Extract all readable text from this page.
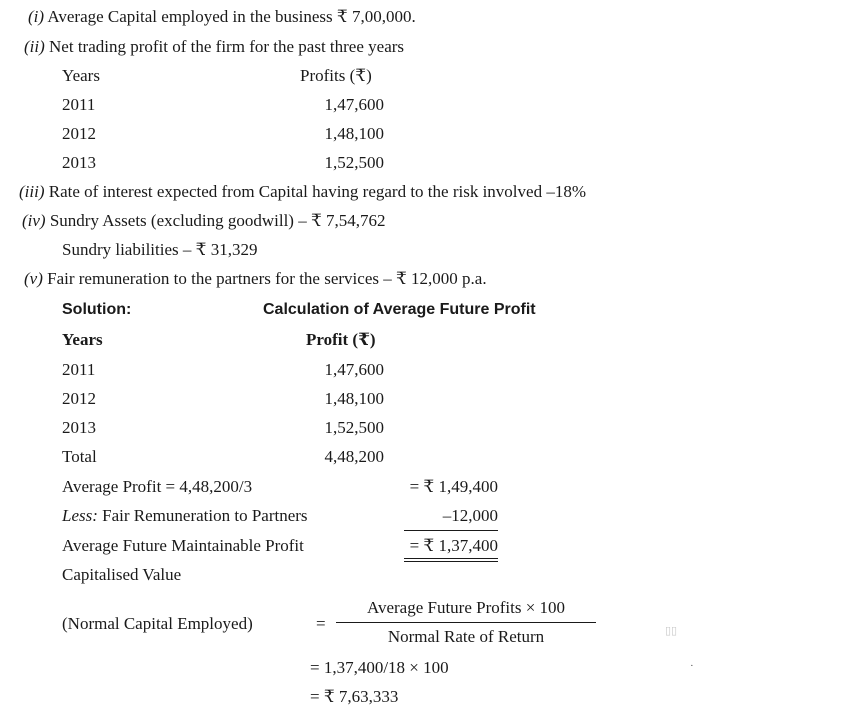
(i) Average Capital employed in the business ₹ 7,00,000.
(ii) Net trading profit of the firm for the past three years
Years	Profits (₹)
2011	1,47,600
2012	1,48,100
2013	1,52,500
(iii) Rate of interest expected from Capital having regard to the risk involved –18%
(iv) Sundry Assets (excluding goodwill) – ₹ 7,54,762
Sundry liabilities – ₹ 31,329
(v) Fair remuneration to the partners for the services – ₹ 12,000 p.a.
Solution:	Calculation of Average Future Profit
Years	Profit (₹)
2011	1,47,600
2012	1,48,100
2013	1,52,500
Total	4,48,200
Average Profit = 4,48,200/3	= ₹ 1,49,400
Less: Fair Remuneration to Partners	–12,000
Average Future Maintainable Profit	= ₹ 1,37,400
Capitalised Value
(Normal Capital Employed)	=
Average Future Profits × 100
Normal Rate of Return
= 1,37,400/18 × 100
= ₹ 7,63,333
▯▯
·
